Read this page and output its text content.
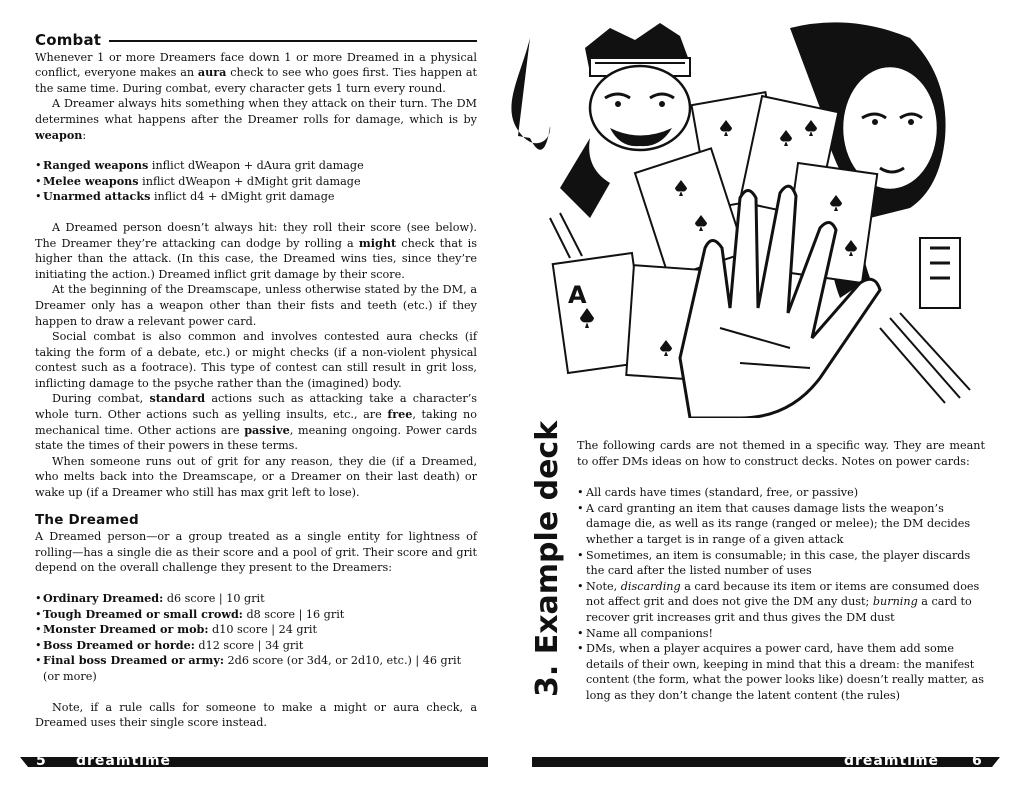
Combat

Whenever 1 or more Dreamers face down 1 or more Dreamed in a physical conflict, everyone makes an aura check to see who goes first. Ties happen at the same time. During combat, every character gets 1 turn every round.

A Dreamer always hits something when they attack on their turn. The DM determines what happens after the Dreamer rolls for damage, which is by weapon:

• Ranged weapons inflict dWeapon + dAura grit damage
• Melee weapons inflict dWeapon + dMight grit damage
• Unarmed attacks inflict d4 + dMight grit damage

A Dreamed person doesn’t always hit: they roll their score (see below). The Dreamer they’re attacking can dodge by rolling a might check that is higher than the attack. (In this case, the Dreamed wins ties, since they’re initiating the action.) Dreamed inflict grit damage by their score.

At the beginning of the Dreamscape, unless otherwise stated by the DM, a Dreamer only has a weapon other than their fists and teeth (etc.) if they happen to draw a relevant power card.

Social combat is also common and involves contested aura checks (if taking the form of a debate, etc.) or might checks (if a non-violent physical contest such as a footrace). This type of contest can still result in grit loss, inflicting damage to the psyche rather than the (imagined) body.

During combat, standard actions such as attacking take a character’s whole turn. Other actions such as yelling insults, etc., are free, taking no mechanical time. Other actions are passive, meaning ongoing. Power cards state the times of their powers in these terms.

When someone runs out of grit for any reason, they die (if a Dreamed, who melts back into the Dreamscape, or a Dreamer on their last death) or wake up (if a Dreamer who still has max grit left to lose).

The Dreamed

A Dreamed person—or a group treated as a single entity for lightness of rolling—has a single die as their score and a pool of grit. Their score and grit depend on the overall challenge they present to the Dreamers:

• Ordinary Dreamed: d6 score | 10 grit
• Tough Dreamed or small crowd: d8 score | 16 grit
• Monster Dreamed or mob: d10 score | 24 grit
• Boss Dreamed or horde: d12 score | 34 grit
• Final boss Dreamed or army: 2d6 score (or 3d4, or 2d10, etc.) | 46 grit (or more)

Note, if a rule calls for someone to make a might or aura check, a Dreamed uses their single score instead.

5 dreamtime
A
3. Example deck The following cards are not themed in a specific way. They are meant to offer DMs ideas on how to construct decks. Notes on power cards:

• All cards have times (standard, free, or passive)
• A card granting an item that causes damage lists the weapon’s damage die, as well as its range (ranged or melee); the DM decides whether a target is in range of a given attack
• Sometimes, an item is consumable; in this case, the player discards the card after the listed number of uses
• Note, discarding a card because its item or items are consumed does not affect grit and does not give the DM any dust; burning a card to recover grit increases grit and thus gives the DM dust
• Name all companions!
• DMs, when a player acquires a power card, have them add some details of their own, keeping in mind that this a dream: the manifest content (the form, what the power looks like) doesn’t really matter, as long as they don’t change the latent content (the rules)
dreamtime 6
